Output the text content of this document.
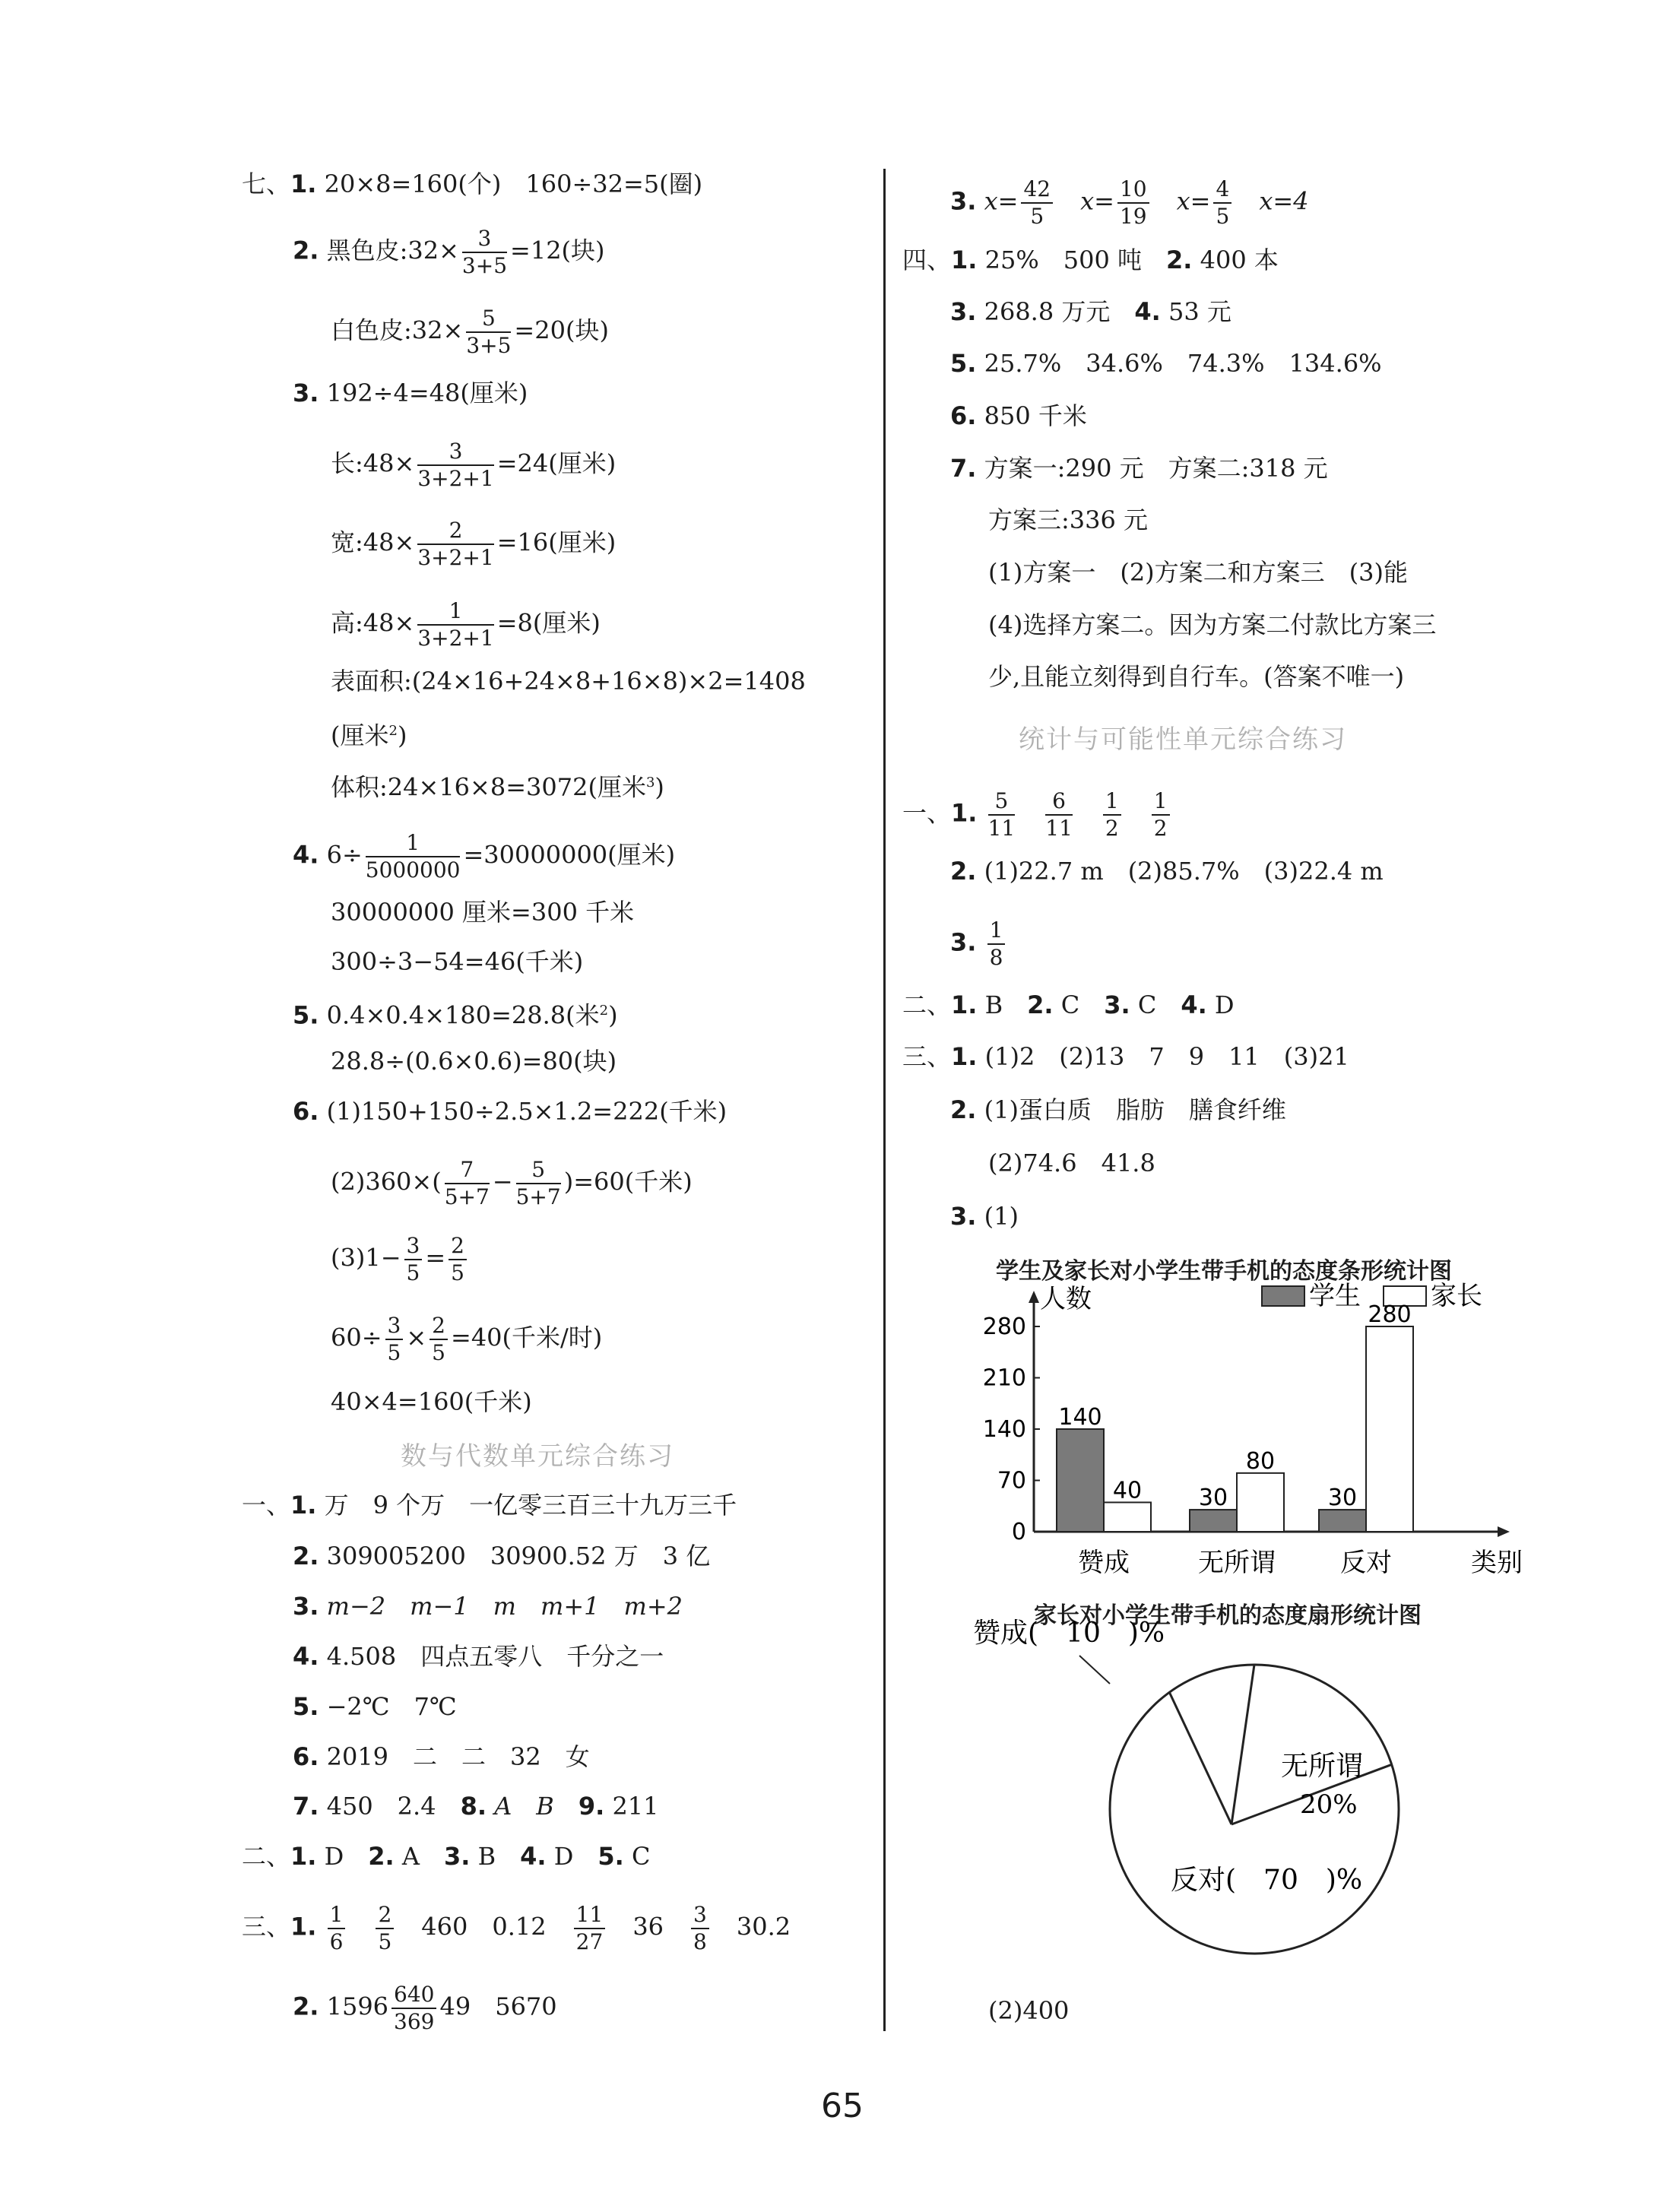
七、1. 20×8=160(个)　160÷32=5(圈)
2. 黑色皮:32× $\frac{3}{3+5} =12$(块)
白色皮:32× $\frac{5}{3+5} =20$(块)
3. 192÷4=48(厘米)
长:48× $\frac{3}{3+2+1} =24$(厘米)
宽:48× $\frac{2}{3+2+1} =16$(厘米)
高:48× $\frac{1}{3+2+1} =8$(厘米)
表面积:(24×16+24×8+16×8)×2=1408
(厘米$^2$)
体积:24×16×8=3072(厘米$^3$)
4. $6\div \frac{1}{5000000} =30000000$(厘米)
30000000 厘米=300 千米
300÷3−54=46(千米)
5. 0.4×0.4×180=28.8(米$^2$)
28.8÷(0.6×0.6)=80(块)
6. (1)150+150÷2.5×1.2=222(千米)
$(2)360\times( \frac{7}{5+7} - \frac{5}{5+7} )=60$(千米)
$(3)1- \frac{3}{5} = \frac{2}{5}$
$60\div \frac{3}{5} \times \frac{2}{5} =40$(千米/时)
40×4=160(千米)
数与代数单元综合练习
一、1. 万　9 个万　一亿零三百三十九万三千
2. 309005200　30900.52 万　3 亿
3. m−2　m−1　m　m+1　m+2
4. 4.508　四点五零八　千分之一
5. −2℃　7℃
6. 2019　二　二　32　女
7. 450　2.4　 8. A　B　 9. 211
二、1. D　 2. A　 3. B　 4. D　 5. C
三、1. $\frac{1}{6}$
　 $\frac{2}{5}$
　 460　0.12　 $\frac{11}{27}$
　 36　 $\frac{3}{8}$
　 30.2
2. $1596 \frac{640}{369} 49$　5670
3. $x= \frac{42}{5}$
　 $x= \frac{10}{19}$
　 $x= \frac{4}{5}$
　 x=4
四、1. 25%　500 吨　 2. 400 本
3. 268.8 万元　 4. 53 元
5. 25.7%　34.6%　74.3%　134.6%
6. 850 千米
7. 方案一:290 元　方案二:318 元
方案三:336 元
(1)方案一　(2)方案二和方案三　(3)能
(4)选择方案二。因为方案二付款比方案三
少,且能立刻得到自行车。(答案不唯一)
统计与可能性单元综合练习
一、1. $\frac{5}{11}$
　 $\frac{6}{11}$
　 $\frac{1}{2}$
　 $\frac{1}{2}$
2. (1)22.7 m　(2)85.7%　(3)22.4 m
3. $\frac{1}{8}$
二、1. B　 2. C　 3. C　 4. D
三、1. (1)2　(2)13　7　9　11　(3)21
2. (1)蛋白质　脂肪　膳食纤维
(2)74.6　41.8
3. (1)
学生及家长对小学生带手机的态度条形统计图
人数
类别
0
70
140
210
280
学生	家长
140
40
赞成
30
80
无所谓
30
280
反对
家长对小学生带手机的态度扇形统计图
赞成(　10　)%
无所谓
20%
反对(　70　)%
(2)400
65
